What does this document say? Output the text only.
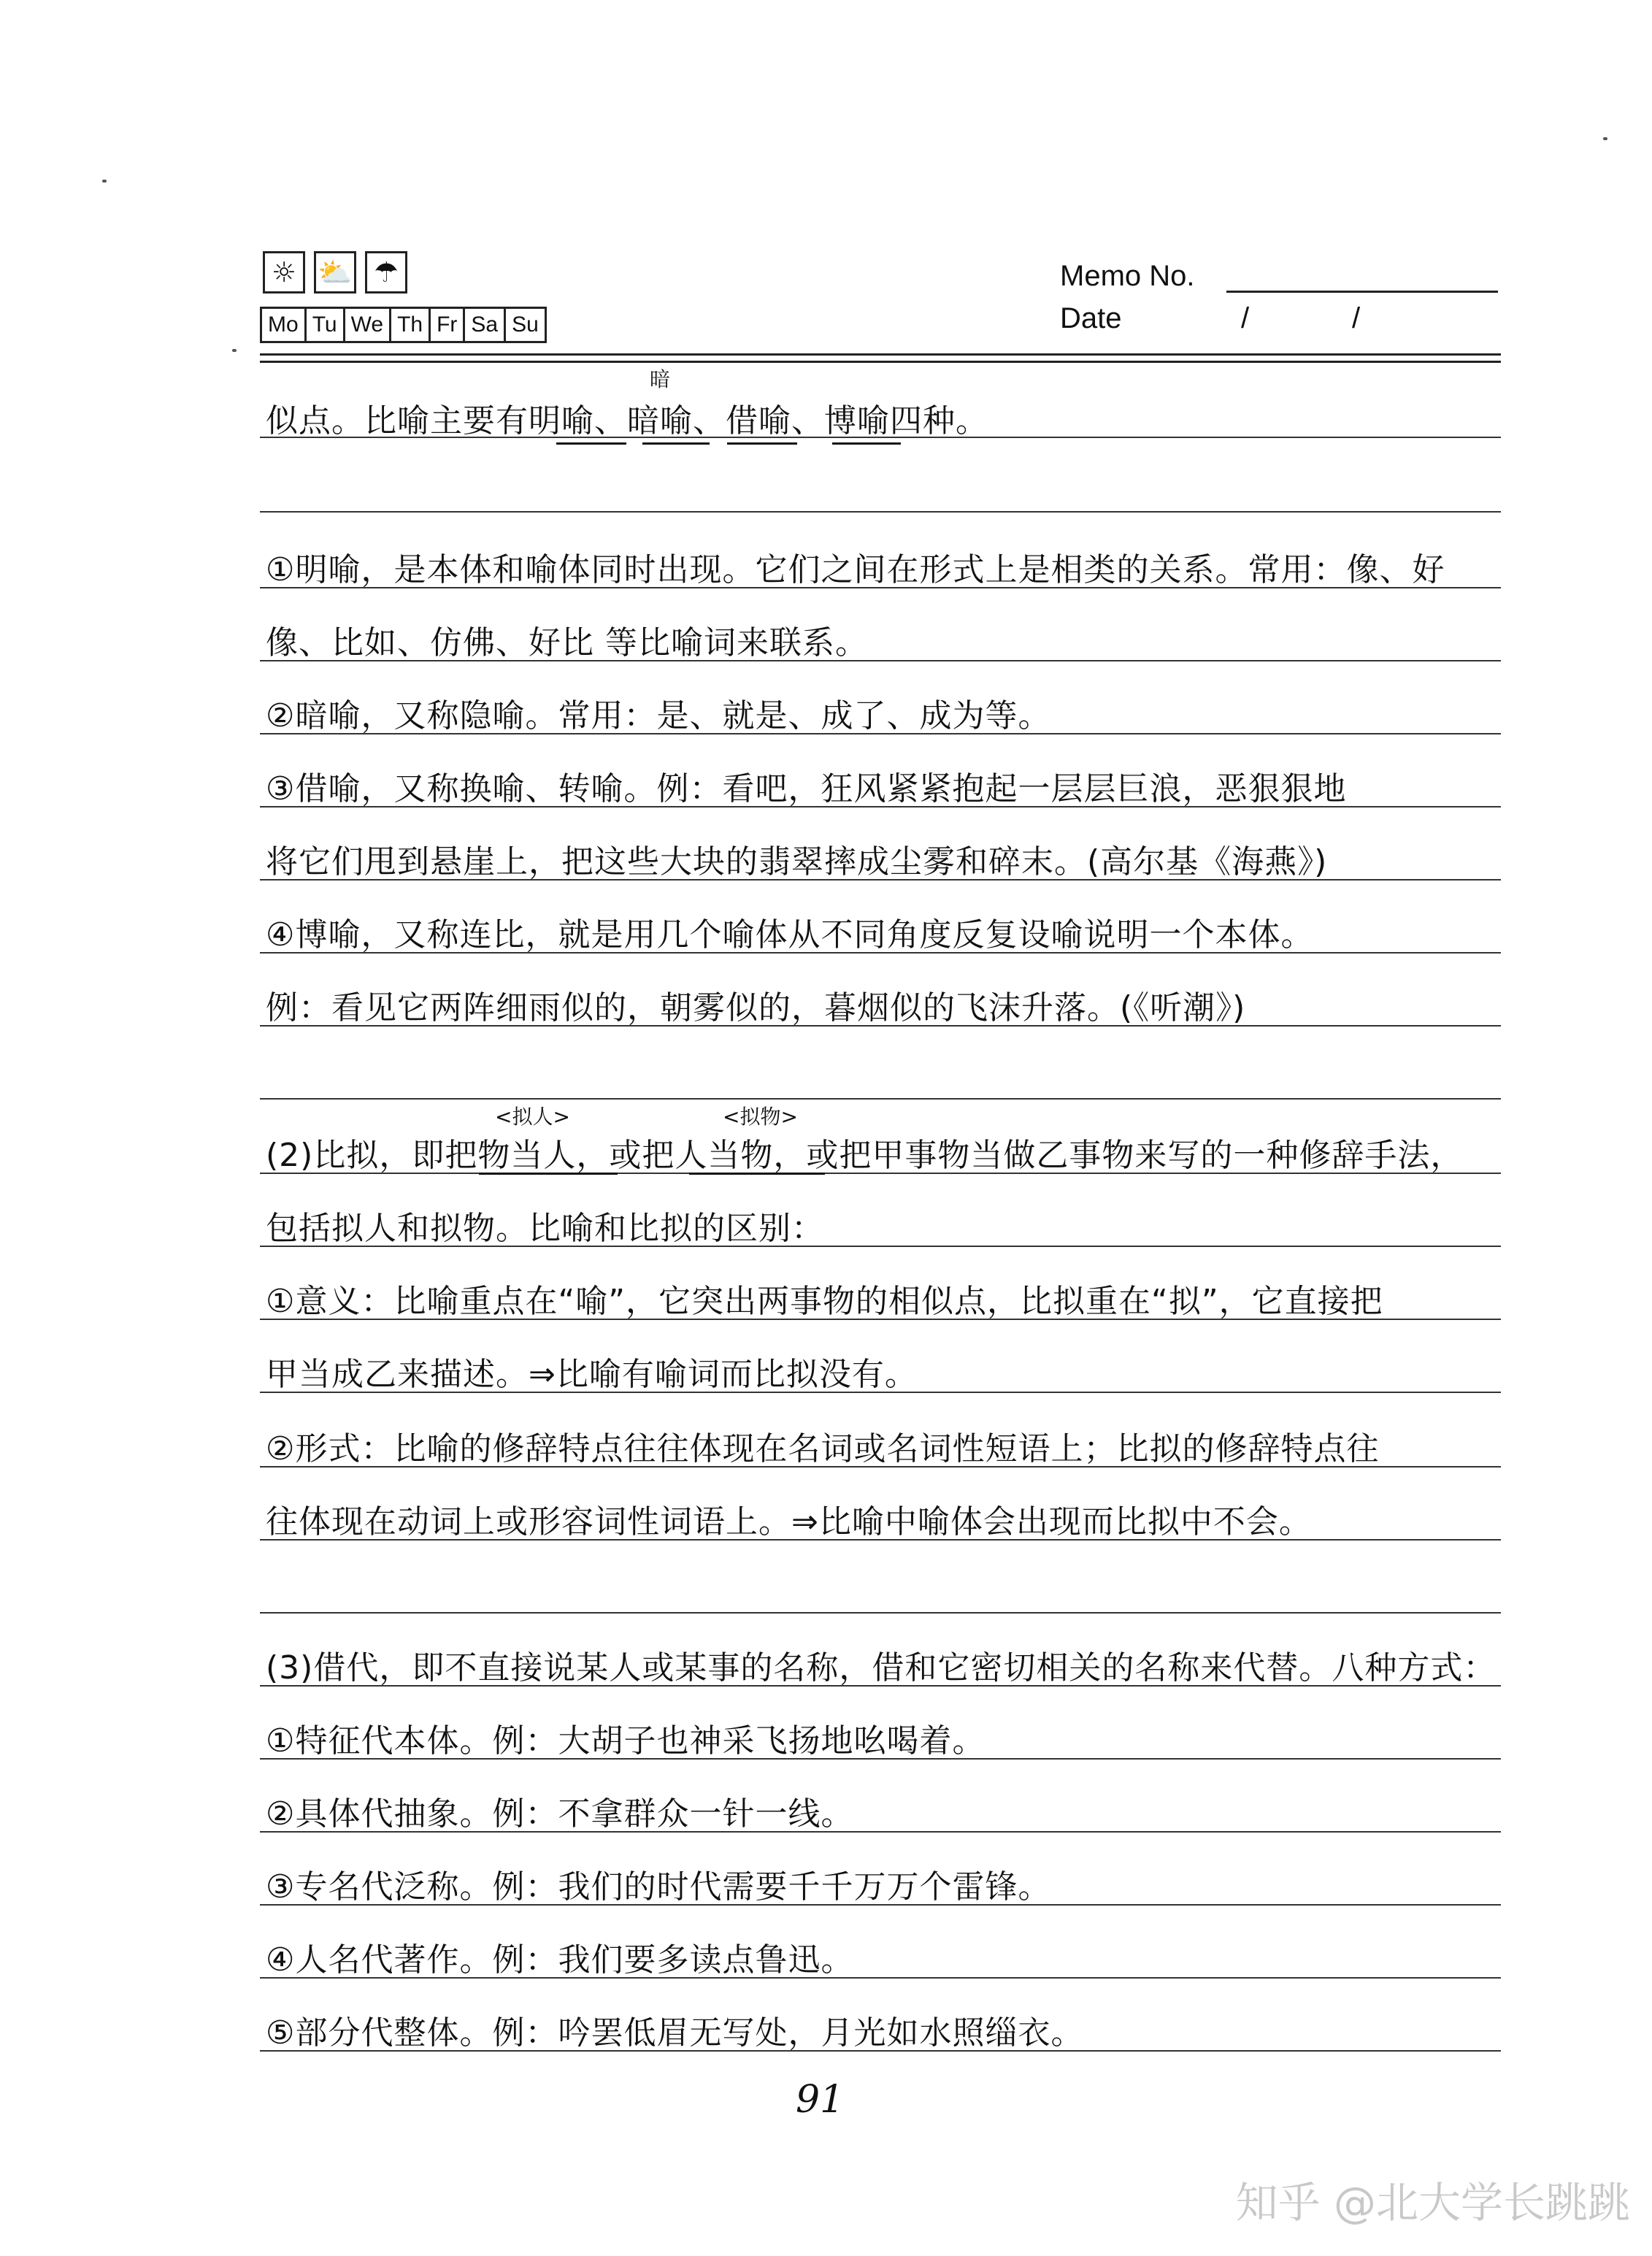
☼ ⛅ ☂
Mo Tu We Th Fr Sa Su
Memo No.
Date	/	/
暗
<拟人>	<拟物>
似点。比喻主要有明喻、暗喻、借喻、博喻四种。
①明喻，是本体和喻体同时出现。它们之间在形式上是相类的关系。常用：像、好
像、比如、仿佛、好比 等比喻词来联系。
②暗喻，又称隐喻。常用：是、就是、成了、成为等。
③借喻，又称换喻、转喻。例：看吧，狂风紧紧抱起一层层巨浪，恶狠狠地
将它们甩到悬崖上，把这些大块的翡翠摔成尘雾和碎末。(高尔基《海燕》)
④博喻，又称连比，就是用几个喻体从不同角度反复设喻说明一个本体。
例：看见它两阵细雨似的，朝雾似的，暮烟似的飞沫升落。(《听潮》)
(2)比拟，即把物当人，或把人当物，或把甲事物当做乙事物来写的一种修辞手法，
包括拟人和拟物。比喻和比拟的区别：
①意义：比喻重点在“喻”，它突出两事物的相似点，比拟重在“拟”，它直接把
甲当成乙来描述。⇒比喻有喻词而比拟没有。
②形式：比喻的修辞特点往往体现在名词或名词性短语上；比拟的修辞特点往
往体现在动词上或形容词性词语上。⇒比喻中喻体会出现而比拟中不会。
(3)借代，即不直接说某人或某事的名称，借和它密切相关的名称来代替。八种方式：
①特征代本体。例：大胡子也神采飞扬地吆喝着。
②具体代抽象。例：不拿群众一针一线。
③专名代泛称。例：我们的时代需要千千万万个雷锋。
④人名代著作。例：我们要多读点鲁迅。
⑤部分代整体。例：吟罢低眉无写处，月光如水照缁衣。
91
知乎 @北大学长跳跳
